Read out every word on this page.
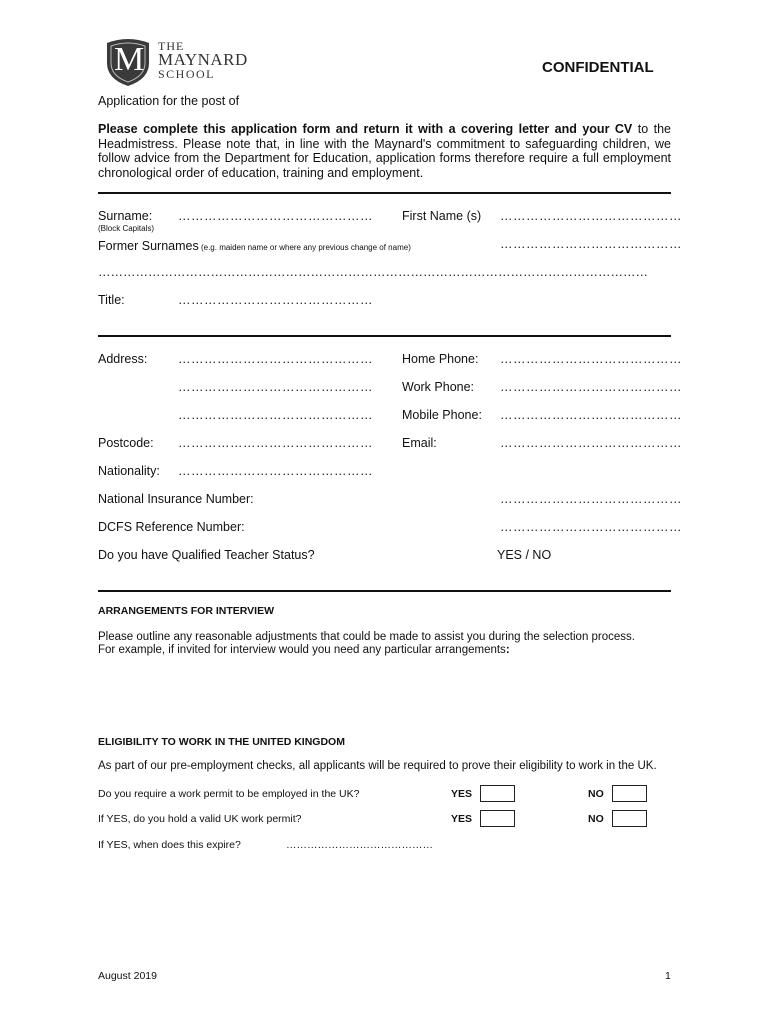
M THE
MAYNARD
SCHOOL	CONFIDENTIAL
Application for the post of
Please complete this application form and return it with a covering letter and your CV to the Headmistress. Please note that, in line with the Maynard's commitment to safeguarding children, we follow advice from the Department for Education, application forms therefore require a full employment chronological order of education, training and employment.
Surname:
(Block Capitals)
……………………………………… First Name (s) ……………………………………
Former Surnames (e.g. maiden name or where any previous change of name)	……………………………………
……………………………………………………………………………………………………………………
Title:	………………………………………
Address: ……………………………………… Home Phone: ……………………………………
……………………………………… Work Phone: ……………………………………
……………………………………… Mobile Phone: ……………………………………
Postcode: ……………………………………… Email:	……………………………………
Nationality: ………………………………………
National Insurance Number:	……………………………………
DCFS Reference Number:	……………………………………
Do you have Qualified Teacher Status?	YES / NO
ARRANGEMENTS FOR INTERVIEW
Please outline any reasonable adjustments that could be made to assist you during the selection process.
For example, if invited for interview would you need any particular arrangements:
ELIGIBILITY TO WORK IN THE UNITED KINGDOM
As part of our pre-employment checks, all applicants will be required to prove their eligibility to work in the UK.
Do you require a work permit to be employed in the UK?	YES	NO
If YES, do you hold a valid UK work permit?	YES	NO
If YES, when does this expire?	……………………………………
August 2019	1
